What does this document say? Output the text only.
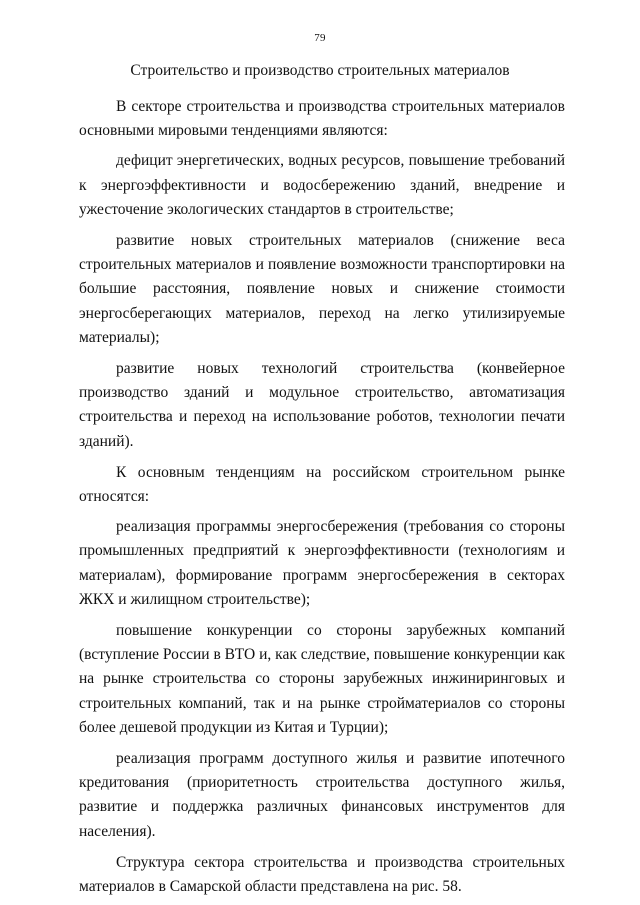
79
Строительство и производство строительных материалов

В секторе строительства и производства строительных материалов основными мировыми тенденциями являются:

дефицит энергетических, водных ресурсов, повышение требований к энергоэффективности и водосбережению зданий, внедрение и ужесточение экологических стандартов в строительстве;

развитие новых строительных материалов (снижение веса строительных материалов и появление возможности транспортировки на большие расстояния, появление новых и снижение стоимости энергосберегающих материалов, переход на легко утилизируемые материалы);

развитие новых технологий строительства (конвейерное производство зданий и модульное строительство, автоматизация строительства и переход на использование роботов, технологии печати зданий).

К основным тенденциям на российском строительном рынке относятся:

реализация программы энергосбережения (требования со стороны промышленных предприятий к энергоэффективности (технологиям и материалам), формирование программ энергосбережения в секторах ЖКХ и жилищном строительстве);

повышение конкуренции со стороны зарубежных компаний (вступление России в ВТО и, как следствие, повышение конкуренции как на рынке строительства со стороны зарубежных инжиниринговых и строительных компаний, так и на рынке стройматериалов со стороны более дешевой продукции из Китая и Турции);

реализация программ доступного жилья и развитие ипотечного кредитования (приоритетность строительства доступного жилья, развитие и поддержка различных финансовых инструментов для населения).

Структура сектора строительства и производства строительных материалов в Самарской области представлена на рис. 58.
